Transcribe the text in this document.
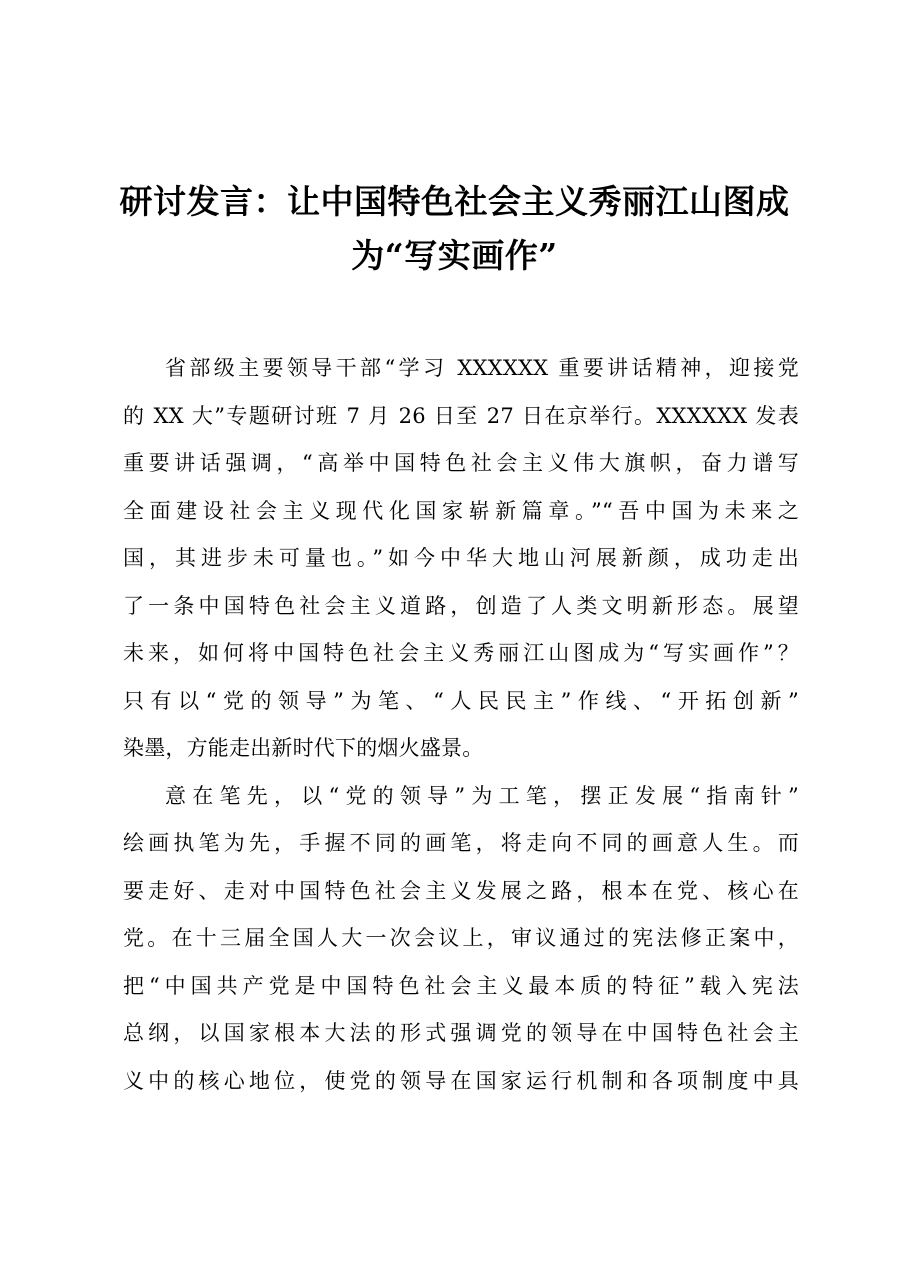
研讨发言：让中国特色社会主义秀丽江山图成
为“写实画作”

省部级主要领导干部“学习 XXXXXX 重要讲话精神，迎接党
的 XX 大”专题研讨班 7 月 26 日至 27 日在京举行。XXXXXX 发表
重要讲话强调，“高举中国特色社会主义伟大旗帜，奋力谱写
全面建设社会主义现代化国家崭新篇章。”“吾中国为未来之
国，其进步未可量也。”如今中华大地山河展新颜，成功走出
了一条中国特色社会主义道路，创造了人类文明新形态。展望
未来，如何将中国特色社会主义秀丽江山图成为“写实画作”？
只有以“党的领导”为笔、“人民民主”作线、“开拓创新”
染墨，方能走出新时代下的烟火盛景。

意在笔先，以“党的领导”为工笔，摆正发展“指南针”
绘画执笔为先，手握不同的画笔，将走向不同的画意人生。而
要走好、走对中国特色社会主义发展之路，根本在党、核心在
党。在十三届全国人大一次会议上，审议通过的宪法修正案中，
把“中国共产党是中国特色社会主义最本质的特征”载入宪法
总纲，以国家根本大法的形式强调党的领导在中国特色社会主
义中的核心地位，使党的领导在国家运行机制和各项制度中具
